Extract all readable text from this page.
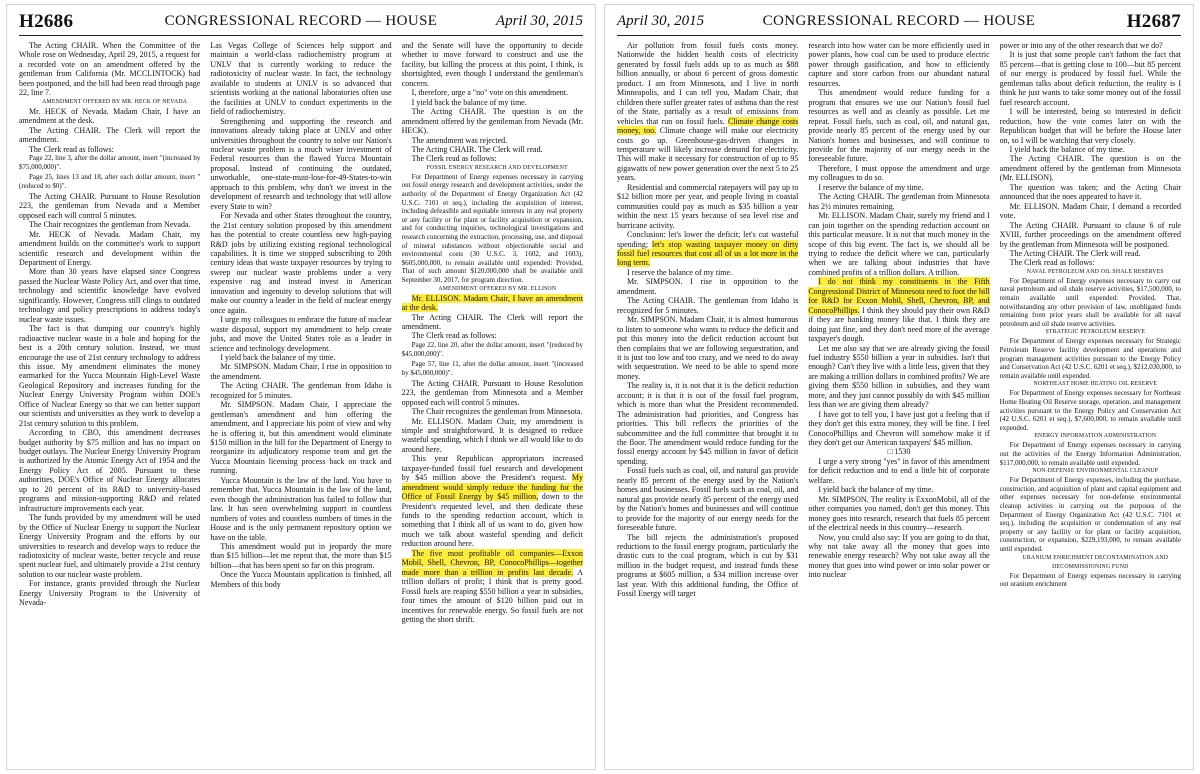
H2686	CONGRESSIONAL RECORD — HOUSE	April 30, 2015

The Acting CHAIR. When the Committee of the Whole rose on Wednesday, April 29, 2015, a request for a recorded vote on an amendment offered by the gentleman from California (Mr. MCCLINTOCK) had been postponed, and the bill had been read through page 22, line 7.

AMENDMENT OFFERED BY MR. HECK OF NEVADA

Mr. HECK of Nevada. Madam Chair, I have an amendment at the desk.

The Acting CHAIR. The Clerk will report the amendment.

The Clerk read as follows:

Page 22, line 3, after the dollar amount, insert "(increased by $75,000,000)".

Page 25, lines 13 and 18, after each dollar amount, insert "(reduced to $0)".

The Acting CHAIR. Pursuant to House Resolution 223, the gentleman from Nevada and a Member opposed each will control 5 minutes.

The Chair recognizes the gentleman from Nevada.

Mr. HECK of Nevada. Madam Chair, my amendment builds on the committee's work to support scientific research and development within the Department of Energy.

More than 30 years have elapsed since Congress passed the Nuclear Waste Policy Act, and over that time, technology and scientific knowledge have evolved significantly. However, Congress still clings to outdated technology and policy prescriptions to address today's nuclear waste issues.

The fact is that dumping our country's highly radioactive nuclear waste in a hole and hoping for the best is a 20th century solution. Instead, we must encourage the use of 21st century technology to address this issue. My amendment eliminates the money earmarked for the Yucca Mountain High-Level Waste Geological Repository and increases funding for the Nuclear Energy University Program within DOE's Office of Nuclear Energy so that we can better support our scientists and universities as they work to develop a 21st century solution to this problem.

According to CBO, this amendment decreases budget authority by $75 million and has no impact on budget outlays. The Nuclear Energy University Program is authorized by the Atomic Energy Act of 1954 and the Energy Policy Act of 2005. Pursuant to these authorities, DOE's Office of Nuclear Energy allocates up to 20 percent of its R&D to university-based programs and mission-supporting R&D and related infrastructure improvements each year.

The funds provided by my amendment will be used by the Office of Nuclear Energy to support the Nuclear Energy University Program and the efforts by our universities to research and develop ways to reduce the radiotoxicity of nuclear waste, better recycle and reuse spent nuclear fuel, and ultimately provide a 21st century solution to our nuclear waste problem.

For instance, grants provided through the Nuclear Energy University Program to the University of Nevada-

Las Vegas College of Sciences help support and maintain a world-class radiochemistry program at UNLV that is currently working to reduce the radiotoxicity of nuclear waste. In fact, the technology available to students at UNLV is so advanced that scientists working at the national laboratories often use the facilities at UNLV to conduct experiments in the field of radiochemistry.

Strengthening and supporting the research and innovations already taking place at UNLV and other universities throughout the country to solve our Nation's nuclear waste problem is a much wiser investment of Federal resources than the flawed Yucca Mountain proposal. Instead of continuing the outdated, unworkable, one-state-must-lose-for-49-States-to-win approach to this problem, why don't we invest in the development of research and technology that will allow every State to win?

For Nevada and other States throughout the country, the 21st century solution proposed by this amendment has the potential to create countless new high-paying R&D jobs by utilizing existing regional technological capabilities. It is time we stopped subscribing to 20th century ideas that waste taxpayer resources by trying to sweep our nuclear waste problems under a very expensive rug and instead invest in American innovation and ingenuity to develop solutions that will make our country a leader in the field of nuclear energy once again.

I urge my colleagues to embrace the future of nuclear waste disposal, support my amendment to help create jobs, and move the United States role as a leader in science and technology development.

I yield back the balance of my time.

Mr. SIMPSON. Madam Chair, I rise in opposition to the amendment.

The Acting CHAIR. The gentleman from Idaho is recognized for 5 minutes.

Mr. SIMPSON. Madam Chair, I appreciate the gentleman's amendment and him offering the amendment, and I appreciate his point of view and why he is offering it, but this amendment would eliminate $150 million in the bill for the Department of Energy to reorganize its adjudicatory response team and get the Yucca Mountain licensing process back on track and running.

Yucca Mountain is the law of the land. You have to remember that. Yucca Mountain is the law of the land, even though the administration has failed to follow that law. It has seen overwhelming support in countless numbers of votes and countless numbers of times in the House and is the only permanent repository option we have on the table.

This amendment would put in jeopardy the more than $15 billion—let me repeat that, the more than $15 billion—that has been spent so far on this program.

Once the Yucca Mountain application is finished, all Members of this body

and the Senate will have the opportunity to decide whether to move forward to construct and use the facility, but killing the process at this point, I think, is shortsighted, even though I understand the gentleman's concern.

I, therefore, urge a "no" vote on this amendment.

I yield back the balance of my time.

The Acting CHAIR. The question is on the amendment offered by the gentleman from Nevada (Mr. HECK).

The amendment was rejected.

The Acting CHAIR. The Clerk will read.

The Clerk read as follows:

FOSSIL ENERGY RESEARCH AND DEVELOPMENT

For Department of Energy expenses necessary in carrying out fossil energy research and development activities, under the authority of the Department of Energy Organization Act (42 U.S.C. 7101 et seq.), including the acquisition of interest, including defeasible and equitable interests in any real property or any facility or for plant or facility acquisition or expansion, and for conducting inquiries, technological investigations and research concerning the extraction, processing, use, and disposal of mineral substances without objectionable social and environmental costs (30 U.S.C. 3, 1602, and 1603), $605,000,000, to remain available until expended: Provided, That of such amount $120,000,000 shall be available until September 30, 2017, for program direction.

AMENDMENT OFFERED BY MR. ELLISON

Mr. ELLISON. Madam Chair, I have an amendment at the desk.

The Acting CHAIR. The Clerk will report the amendment.

The Clerk read as follows:

Page 22, line 20, after the dollar amount, insert "(reduced by $45,000,000)".

Page 57, line 11, after the dollar amount, insert "(increased by $45,000,000)".

The Acting CHAIR. Pursuant to House Resolution 223, the gentleman from Minnesota and a Member opposed each will control 5 minutes.

The Chair recognizes the gentleman from Minnesota.

Mr. ELLISON. Madam Chair, my amendment is simple and straightforward. It is designed to reduce wasteful spending, which I think we all would like to do around here.

This year Republican appropriators increased taxpayer-funded fossil fuel research and development by $45 million above the President's request. My amendment would simply reduce the funding for the Office of Fossil Energy by $45 million, down to the President's requested level, and then dedicate these funds to the spending reduction account, which is something that I think all of us want to do, given how much we talk about wasteful spending and deficit reduction around here.

The five most profitable oil companies—Exxon Mobil, Shell, Chevron, BP, ConocoPhillips—together made more than a trillion in profits last decade. A trillion dollars of profit; I think that is pretty good. Fossil fuels are reaping $550 billion a year in subsidies, four times the amount of $120 billion paid out in incentives for renewable energy. So fossil fuels are not getting the short shrift.

April 30, 2015	CONGRESSIONAL RECORD — HOUSE	H2687

Air pollution from fossil fuels costs money. Nationwide the hidden health costs of electricity generated by fossil fuels adds up to as much as $88 billion annually, or about 6 percent of gross domestic product. I am from Minnesota, and I live in north Minneapolis, and I can tell you, Madam Chair, that children there suffer greater rates of asthma than the rest of the State, partially as a result of emissions from vehicles that run on fossil fuels. Climate change costs money, too. Climate change will make our electricity costs go up. Greenhouse-gas-driven changes in temperature will likely increase demand for electricity. This will make it necessary for construction of up to 95 gigawatts of new power generation over the next 5 to 25 years.

Residential and commercial ratepayers will pay up to $12 billion more per year, and people living in coastal communities could pay as much as $35 billion a year within the next 15 years because of sea level rise and hurricane activity.

Conclusion: let's lower the deficit; let's cut wasteful spending; let's stop wasting taxpayer money on dirty fossil fuel resources that cost all of us a lot more in the long term.

I reserve the balance of my time.

Mr. SIMPSON. I rise in opposition to the amendment.

The Acting CHAIR. The gentleman from Idaho is recognized for 5 minutes.

Mr. SIMPSON. Madam Chair, it is almost humorous to listen to someone who wants to reduce the deficit and put this money into the deficit reduction account but then complains that we are following sequestration, and it is just too low and too crazy, and we need to do away with sequestration. We need to be able to spend more money.

The reality is, it is not that it is the deficit reduction account; it is that it is out of the fossil fuel program, which is more than what the President recommended. The administration had priorities, and Congress has priorities. This bill reflects the priorities of the subcommittee and the full committee that brought it to the floor. The amendment would reduce funding for the fossil energy account by $45 million in favor of deficit spending.

Fossil fuels such as coal, oil, and natural gas provide nearly 85 percent of the energy used by the Nation's homes and businesses. Fossil fuels such as coal, oil, and natural gas provide nearly 85 percent of the energy used by the Nation's homes and businesses and will continue to provide for the majority of our energy needs for the foreseeable future.

The bill rejects the administration's proposed reductions to the fossil energy program, particularly the drastic cuts to the coal program, which is cut by $31 million in the budget request, and instead funds these programs at $605 million, a $34 million increase over last year. With this additional funding, the Office of Fossil Energy will target

research into how water can be more efficiently used in power plants, how coal can be used to produce electric power through gasification, and how to efficiently capture and store carbon from our abundant natural resources.

This amendment would reduce funding for a program that ensures we use our Nation's fossil fuel resources as well and as cleanly as possible. Let me repeat. Fossil fuels, such as coal, oil, and natural gas, provide nearly 85 percent of the energy used by our Nation's homes and businesses, and will continue to provide for the majority of our energy needs in the foreseeable future.

Therefore, I must oppose the amendment and urge my colleagues to do so.

I reserve the balance of my time.

The Acting CHAIR. The gentleman from Minnesota has 2½ minutes remaining.

Mr. ELLISON. Madam Chair, surely my friend and I can join together on the spending reduction account on this particular measure. It is not that much money in the scope of this big event. The fact is, we should all be trying to reduce the deficit where we can, particularly when we are talking about industries that have combined profits of a trillion dollars. A trillion.

I do not think my constituents in the Fifth Congressional District of Minnesota need to foot the bill for R&D for Exxon Mobil, Shell, Chevron, BP, and ConocoPhillips. I think they should pay their own R&D if they are banking money like that. I think they are doing just fine, and they don't need more of the average taxpayer's dough.

Let me also say that we are already giving the fossil fuel industry $550 billion a year in subsidies. Isn't that enough? Can't they live with a little less, given that they are making a trillion dollars in combined profits? We are giving them $550 billion in subsidies, and they want more, and they just cannot possibly do with $45 million less than we are giving them already?

I have got to tell you, I have just got a feeling that if they don't get this extra money, they will be fine. I feel ConocoPhillips and Chevron will somehow make it if they don't get our American taxpayers' $45 million.

□ 1530

I urge a very strong "yes" in favor of this amendment for deficit reduction and to end a little bit of corporate welfare.

I yield back the balance of my time.

Mr. SIMPSON. The reality is ExxonMobil, all of the other companies you named, don't get this money. This money goes into research, research that fuels 85 percent of the electrical needs in this country—research.

Now, you could also say: If you are going to do that, why not take away all the money that goes into renewable energy research? Why not take away all the money that goes into wind power or into solar power or into nuclear

power or into any of the other research that we do?

It is just that some people can't fathom the fact that 85 percent—that is getting close to 100—but 85 percent of our energy is produced by fossil fuel. While the gentleman talks about deficit reduction, the reality is I think he just wants to take some money out of the fossil fuel research account.

I will be interested, being so interested in deficit reduction, how the vote comes later on with the Republican budget that will be before the House later on, so I will be watching that very closely.

I yield back the balance of my time.

The Acting CHAIR. The question is on the amendment offered by the gentleman from Minnesota (Mr. ELLISON).

The question was taken; and the Acting Chair announced that the noes appeared to have it.

Mr. ELLISON. Madam Chair, I demand a recorded vote.

The Acting CHAIR. Pursuant to clause 6 of rule XVIII, further proceedings on the amendment offered by the gentleman from Minnesota will be postponed.

The Acting CHAIR. The Clerk will read.

The Clerk read as follows:

NAVAL PETROLEUM AND OIL SHALE RESERVES

For Department of Energy expenses necessary to carry out naval petroleum and oil shale reserve activities, $17,500,000, to remain available until expended: Provided, That, notwithstanding any other provision of law, unobligated funds remaining from prior years shall be available for all naval petroleum and oil shale reserve activities.

STRATEGIC PETROLEUM RESERVE

For Department of Energy expenses necessary for Strategic Petroleum Reserve facility development and operations and program management activities pursuant to the Energy Policy and Conservation Act (42 U.S.C. 6201 et seq.), $212,030,000, to remain available until expended.

NORTHEAST HOME HEATING OIL RESERVE

For Department of Energy expenses necessary for Northeast Home Heating Oil Reserve storage, operation, and management activities pursuant to the Energy Policy and Conservation Act (42 U.S.C. 6201 et seq.), $7,600,000, to remain available until expended.

ENERGY INFORMATION ADMINISTRATION

For Department of Energy expenses necessary in carrying out the activities of the Energy Information Administration, $117,000,000, to remain available until expended.

NON-DEFENSE ENVIRONMENTAL CLEANUP

For Department of Energy expenses, including the purchase, construction, and acquisition of plant and capital equipment and other expenses necessary for non-defense environmental cleanup activities in carrying out the purposes of the Department of Energy Organization Act (42 U.S.C. 7101 et seq.), including the acquisition or condemnation of any real property or any facility or for plant or facility acquisition, construction, or expansion, $229,193,000, to remain available until expended.

URANIUM ENRICHMENT DECONTAMINATION AND DECOMMISSIONING FUND

For Department of Energy expenses necessary in carrying out uranium enrichment
